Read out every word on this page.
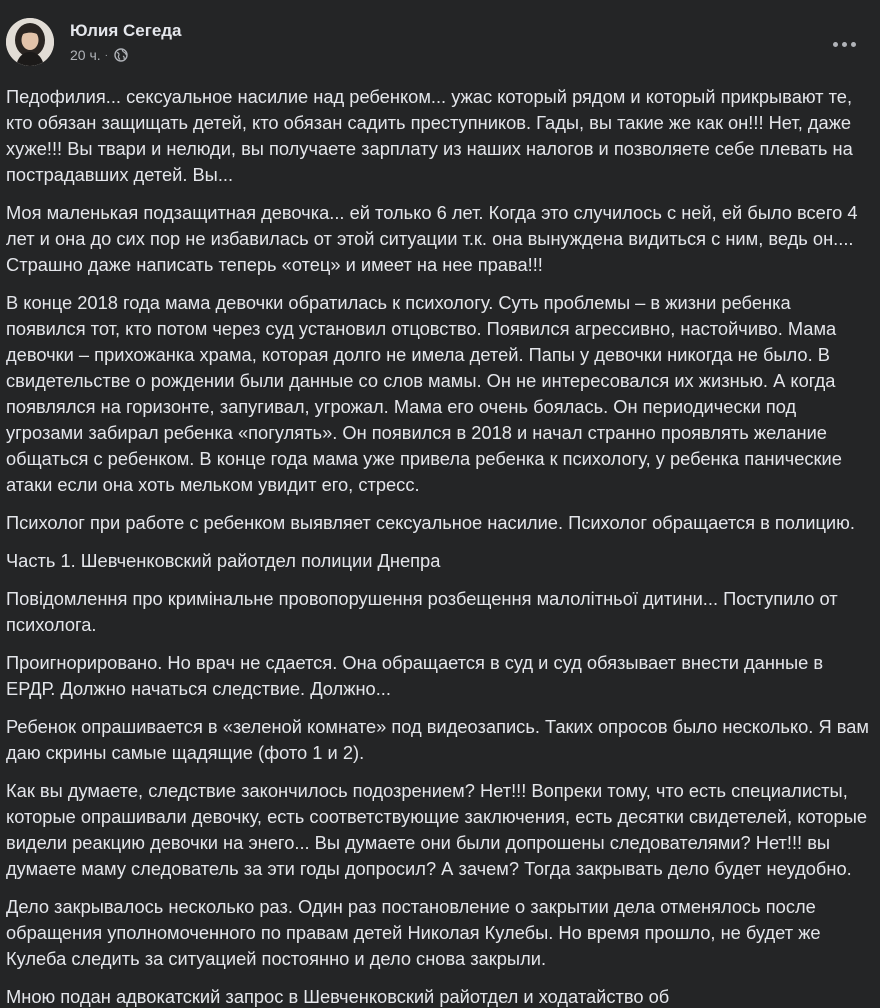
Юлия Сегеда
20 ч. ·

Педофилия... сексуальное насилие над ребенком... ужас который рядом и который прикрывают те, кто обязан защищать детей, кто обязан садить преступников. Гады, вы такие же как он!!! Нет, даже хуже!!! Вы твари и нелюди, вы получаете зарплату из наших налогов и позволяете себе плевать на пострадавших детей. Вы...

Моя маленькая подзащитная девочка... ей только 6 лет. Когда это случилось с ней, ей было всего 4 лет и она до сих пор не избавилась от этой ситуации т.к. она вынуждена видиться с ним, ведь он.... Страшно даже написать теперь «отец» и имеет на нее права!!!

В конце 2018 года мама девочки обратилась к психологу. Суть проблемы – в жизни ребенка появился тот, кто потом через суд установил отцовство. Появился агрессивно, настойчиво. Мама девочки – прихожанка храма, которая долго не имела детей. Папы у девочки никогда не было. В свидетельстве о рождении были данные со слов мамы. Он не интересовался их жизнью. А когда появлялся на горизонте, запугивал, угрожал. Мама его очень боялась. Он периодически под угрозами забирал ребенка «погулять». Он появился в 2018 и начал странно проявлять желание общаться с ребенком. В конце года мама уже привела ребенка к психологу, у ребенка панические атаки если она хоть мельком увидит его, стресс.

Психолог при работе с ребенком выявляет сексуальное насилие. Психолог обращается в полицию.

Часть 1. Шевченковский райотдел полиции Днепра

Повідомлення про кримінальне провопорушення розбещення малолітньої дитини... Поступило от психолога.

Проигнорировано. Но врач не сдается. Она обращается в суд и суд обязывает внести данные в ЕРДР. Должно начаться следствие. Должно...

Ребенок опрашивается в «зеленой комнате» под видеозапись. Таких опросов было несколько. Я вам даю скрины самые щадящие (фото 1 и 2).

Как вы думаете, следствие закончилось подозрением? Нет!!! Вопреки тому, что есть специалисты, которые опрашивали девочку, есть соответствующие заключения, есть десятки свидетелей, которые видели реакцию девочки на энего... Вы думаете они были допрошены следователями? Нет!!! вы думаете маму следователь за эти годы допросил? А зачем? Тогда закрывать дело будет неудобно.

Дело закрывалось несколько раз. Один раз постановление о закрытии дела отменялось после обращения уполномоченного по правам детей Николая Кулебы. Но время прошло, не будет же Кулеба следить за ситуацией постоянно и дело снова закрыли.

Мною подан адвокатский запрос в Шевченковский райотдел и ходатайство об
